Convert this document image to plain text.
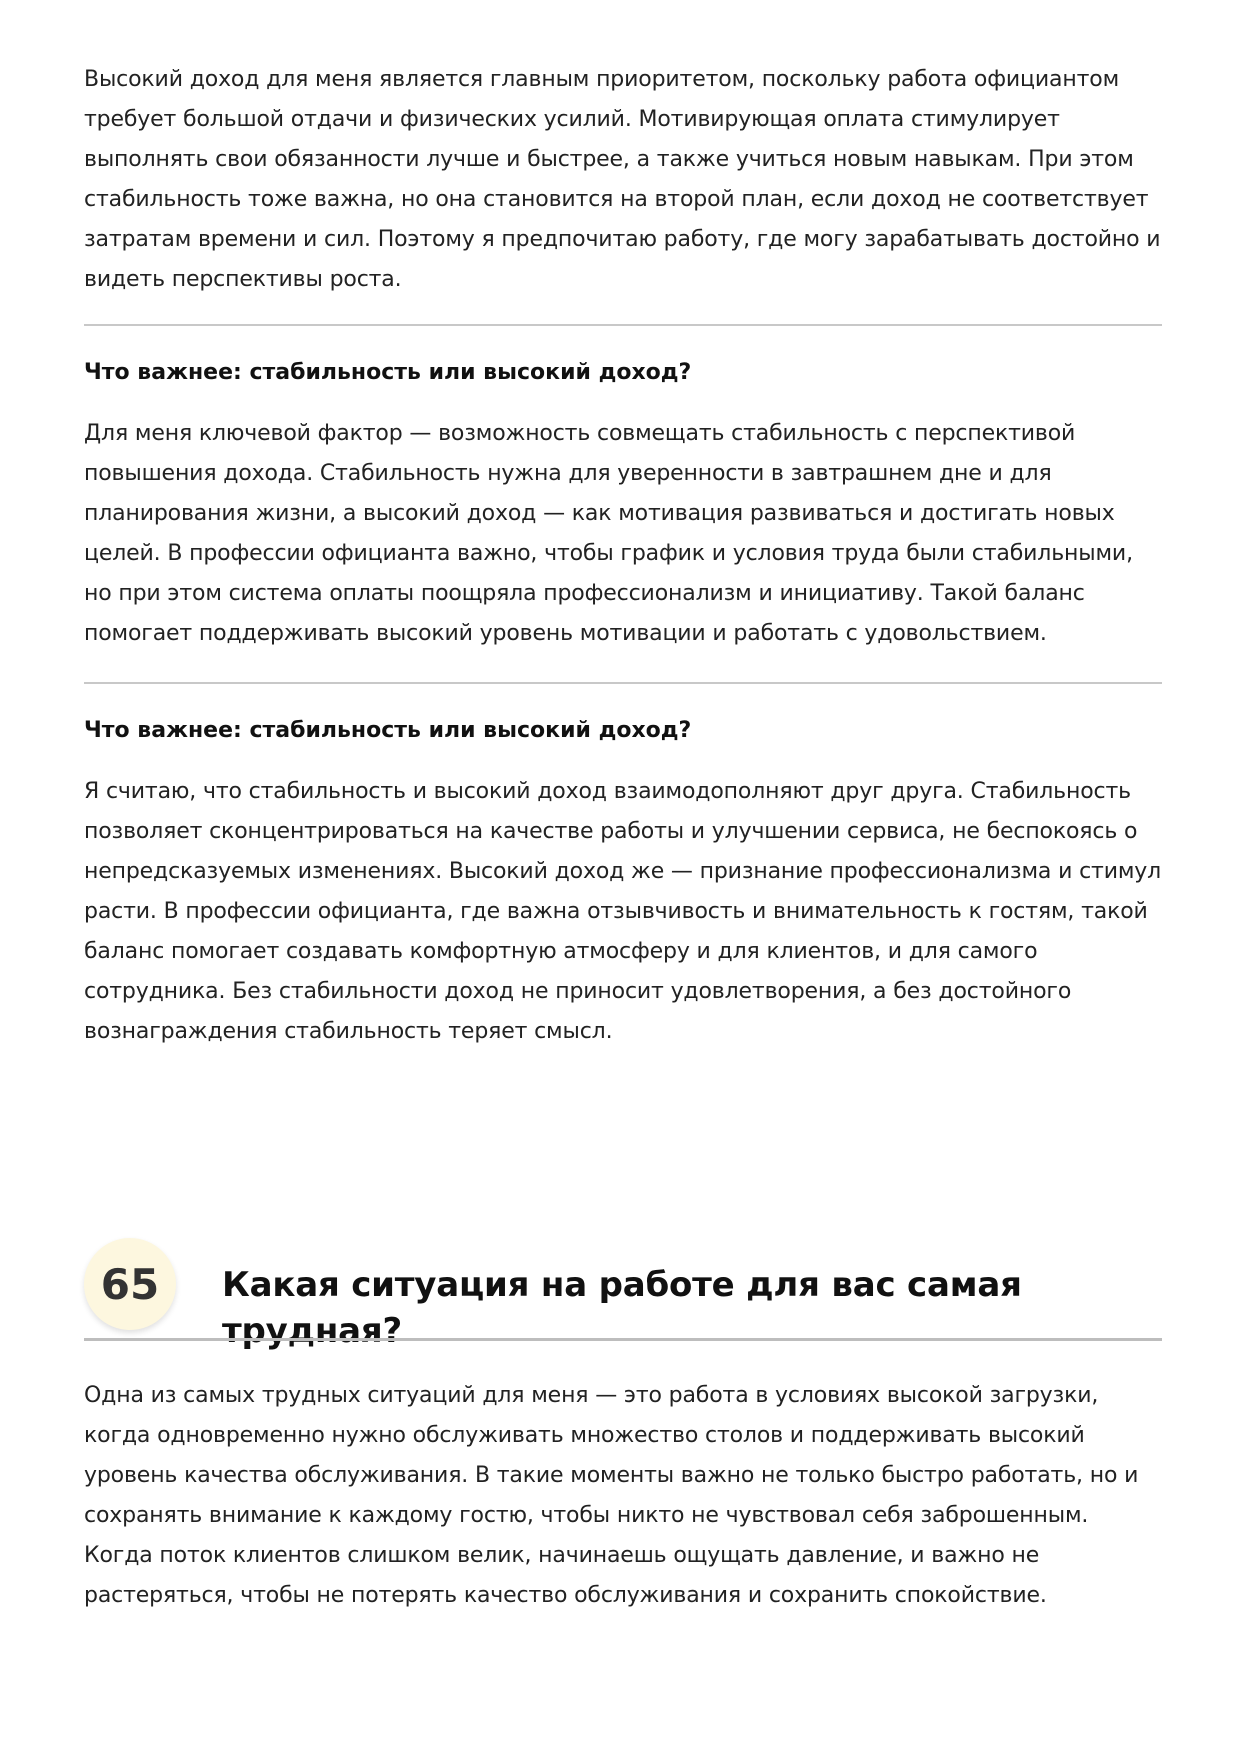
Высокий доход для меня является главным приоритетом, поскольку работа официантом требует большой отдачи и физических усилий. Мотивирующая оплата стимулирует выполнять свои обязанности лучше и быстрее, а также учиться новым навыкам. При этом стабильность тоже важна, но она становится на второй план, если доход не соответствует затратам времени и сил. Поэтому я предпочитаю работу, где могу зарабатывать достойно и видеть перспективы роста.

Что важнее: стабильность или высокий доход?

Для меня ключевой фактор — возможность совмещать стабильность с перспективой повышения дохода. Стабильность нужна для уверенности в завтрашнем дне и для планирования жизни, а высокий доход — как мотивация развиваться и достигать новых целей. В профессии официанта важно, чтобы график и условия труда были стабильными, но при этом система оплаты поощряла профессионализм и инициативу. Такой баланс помогает поддерживать высокий уровень мотивации и работать с удовольствием.

Что важнее: стабильность или высокий доход?

Я считаю, что стабильность и высокий доход взаимодополняют друг друга. Стабильность позволяет сконцентрироваться на качестве работы и улучшении сервиса, не беспокоясь о непредсказуемых изменениях. Высокий доход же — признание профессионализма и стимул расти. В профессии официанта, где важна отзывчивость и внимательность к гостям, такой баланс помогает создавать комфортную атмосферу и для клиентов, и для самого сотрудника. Без стабильности доход не приносит удовлетворения, а без достойного вознаграждения стабильность теряет смысл.

65	Какая ситуация на работе для вас самая трудная?

Одна из самых трудных ситуаций для меня — это работа в условиях высокой загрузки, когда одновременно нужно обслуживать множество столов и поддерживать высокий уровень качества обслуживания. В такие моменты важно не только быстро работать, но и сохранять внимание к каждому гостю, чтобы никто не чувствовал себя заброшенным. Когда поток клиентов слишком велик, начинаешь ощущать давление, и важно не растеряться, чтобы не потерять качество обслуживания и сохранить спокойствие.
